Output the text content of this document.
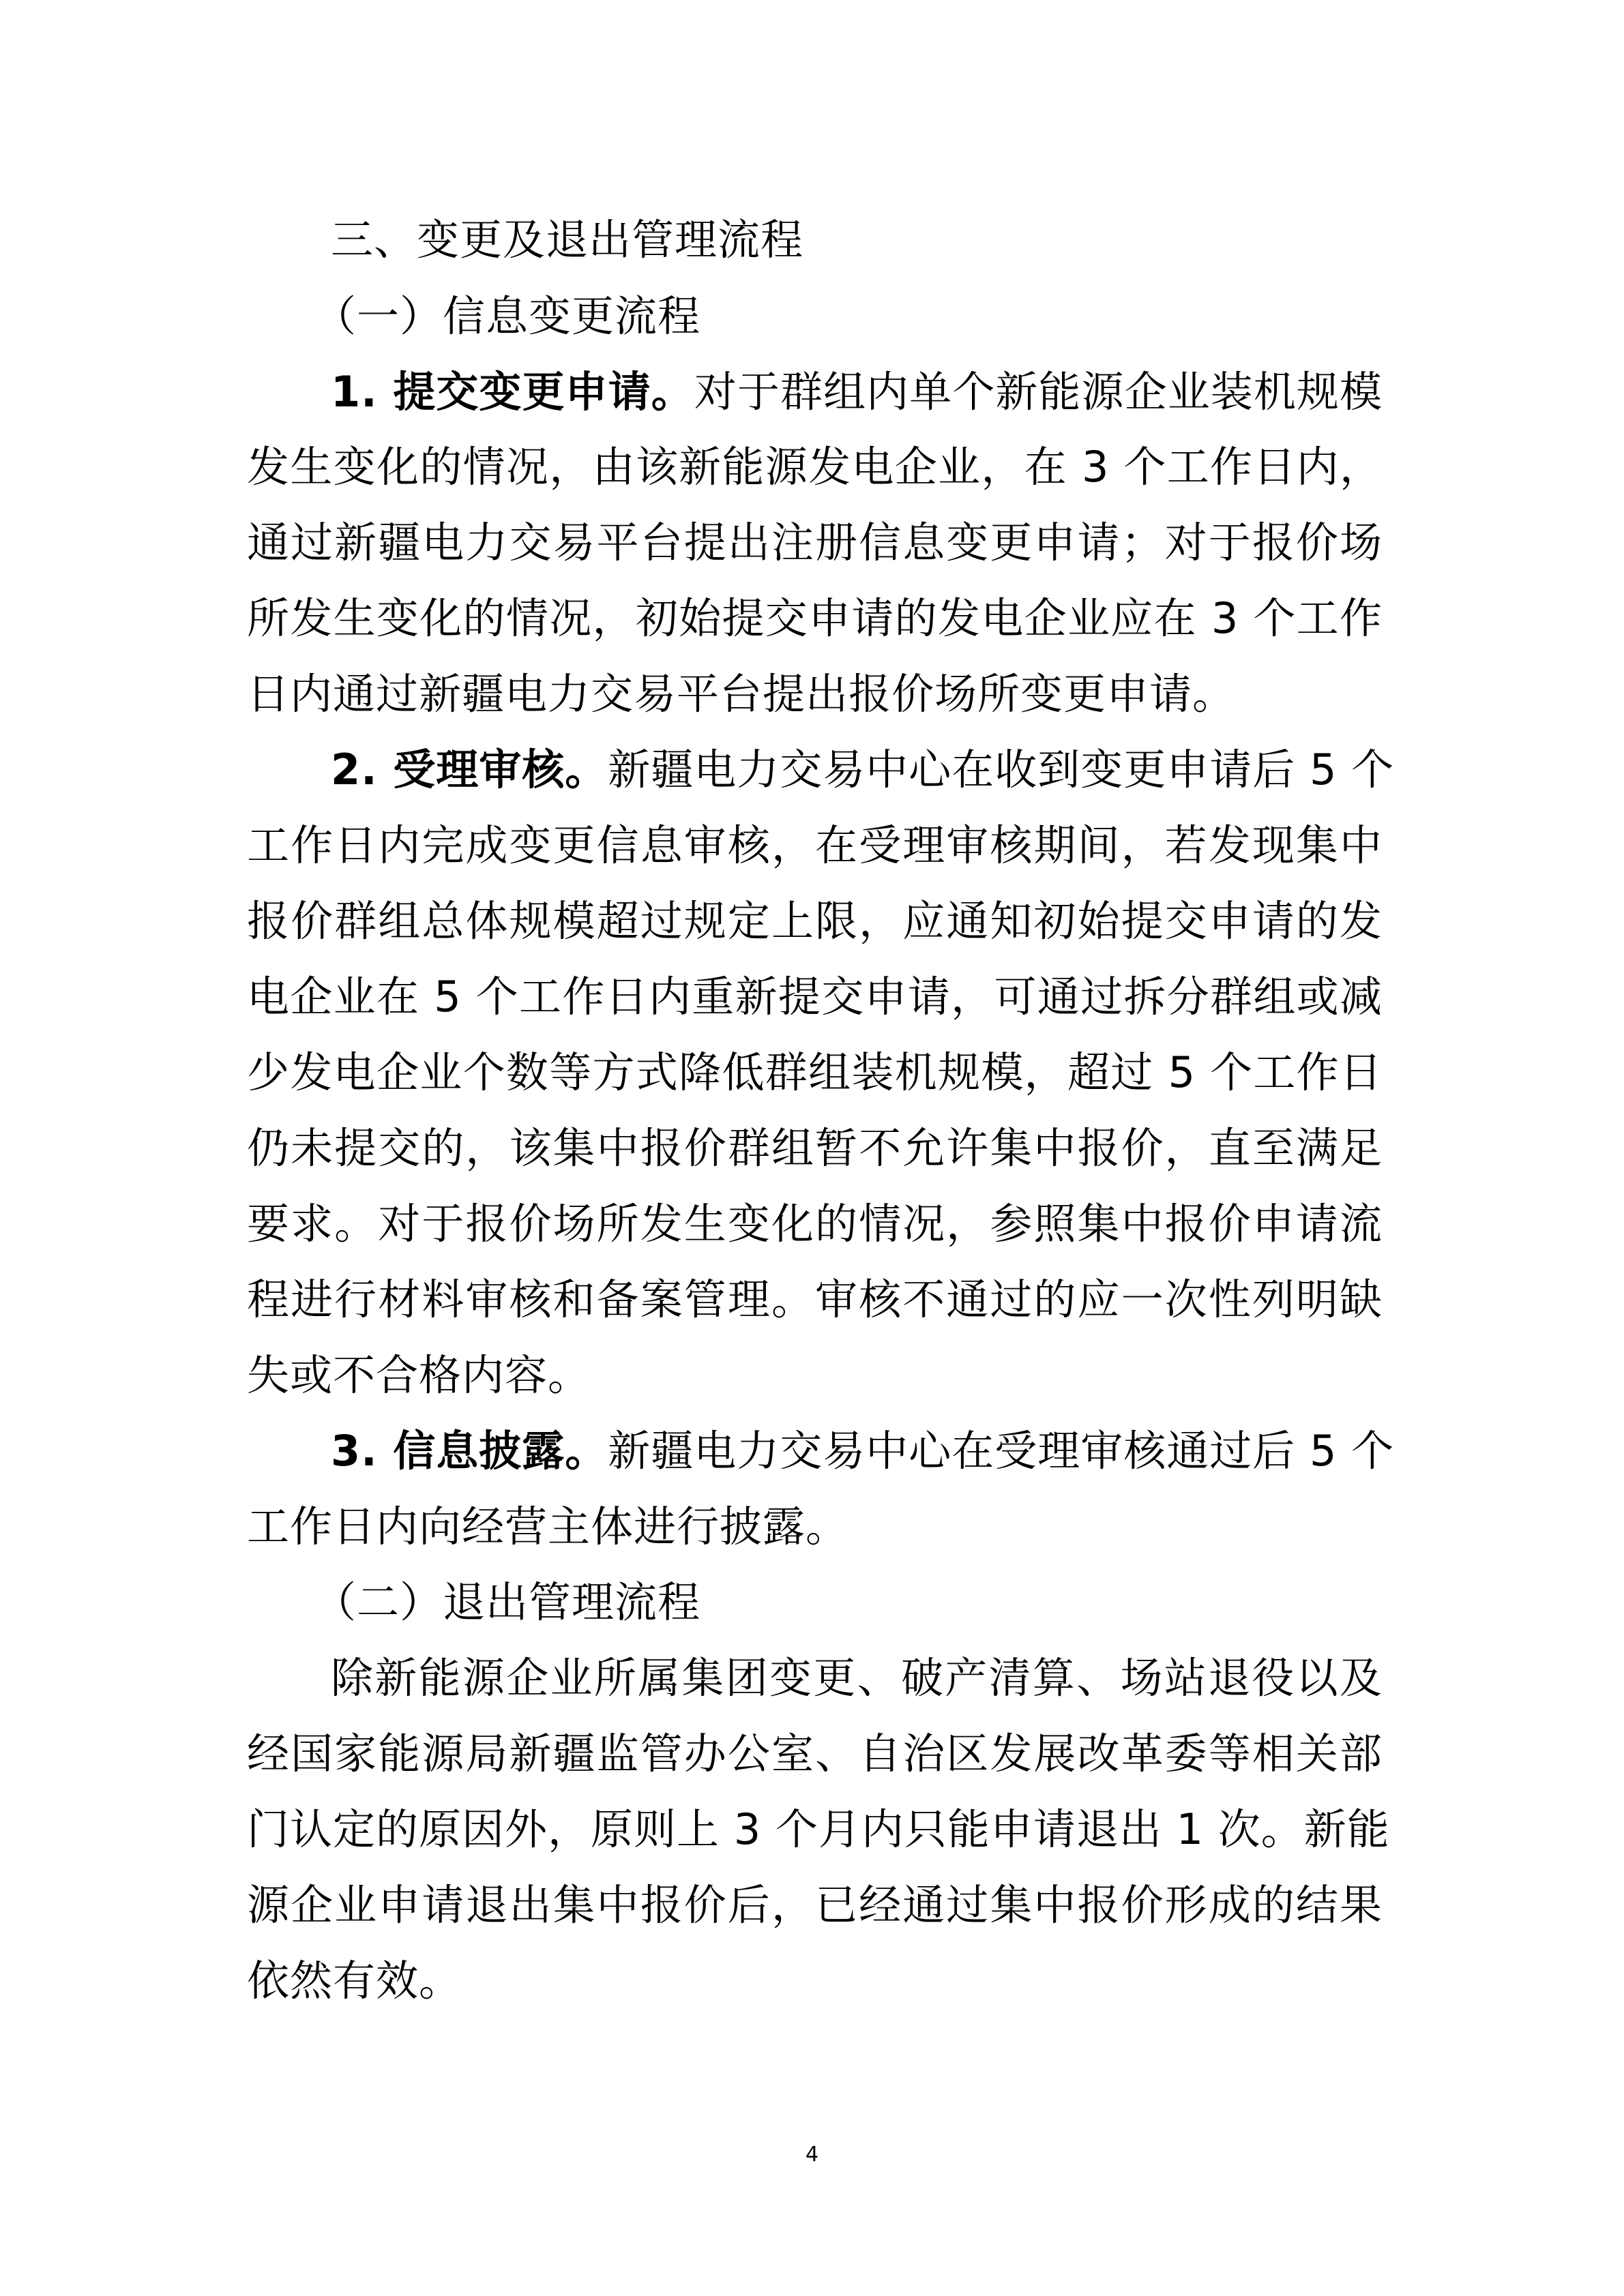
三、变更及退出管理流程
（一）信息变更流程
1. 提交变更申请。对于群组内单个新能源企业装机规模
发生变化的情况，由该新能源发电企业，在 3 个工作日内，
通过新疆电力交易平台提出注册信息变更申请；对于报价场
所发生变化的情况，初始提交申请的发电企业应在 3 个工作
日内通过新疆电力交易平台提出报价场所变更申请。
2. 受理审核。新疆电力交易中心在收到变更申请后 5 个
工作日内完成变更信息审核，在受理审核期间，若发现集中
报价群组总体规模超过规定上限，应通知初始提交申请的发
电企业在 5 个工作日内重新提交申请，可通过拆分群组或减
少发电企业个数等方式降低群组装机规模，超过 5 个工作日
仍未提交的，该集中报价群组暂不允许集中报价，直至满足
要求。对于报价场所发生变化的情况，参照集中报价申请流
程进行材料审核和备案管理。审核不通过的应一次性列明缺
失或不合格内容。
3. 信息披露。新疆电力交易中心在受理审核通过后 5 个
工作日内向经营主体进行披露。
（二）退出管理流程
除新能源企业所属集团变更、破产清算、场站退役以及
经国家能源局新疆监管办公室、自治区发展改革委等相关部
门认定的原因外，原则上 3 个月内只能申请退出 1 次。新能
源企业申请退出集中报价后，已经通过集中报价形成的结果
依然有效。
4
